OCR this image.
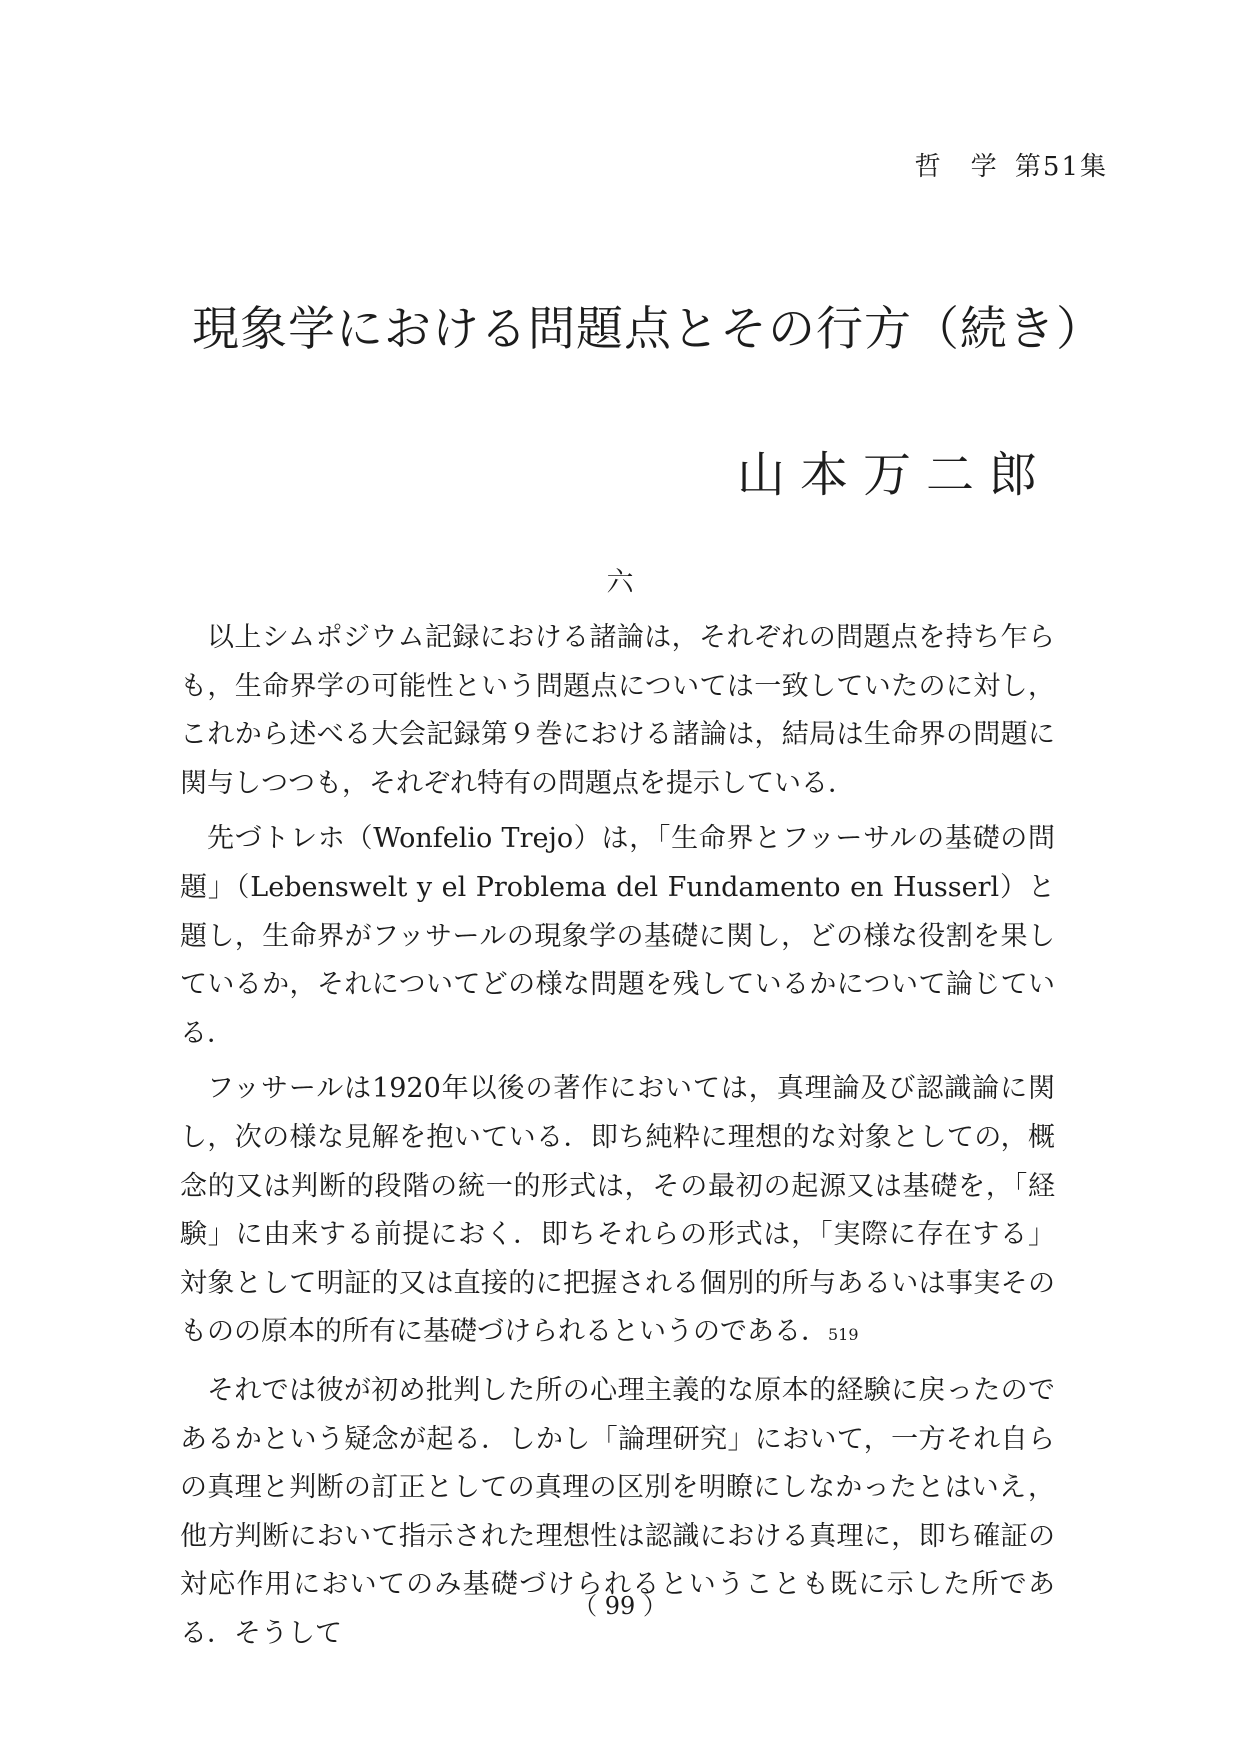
哲　学 第51集
現象学における問題点とその行方（続き）
山本万二郎
六

以上シムポジウム記録における諸論は，それぞれの問題点を持ち乍らも，生命界学の可能性という問題点については一致していたのに対し，これから述べる大会記録第９巻における諸論は，結局は生命界の問題に関与しつつも，それぞれ特有の問題点を提示している．

先づトレホ（Wonfelio Trejo）は，「生命界とフッーサルの基礎の問題」（Lebenswelt y el Problema del Fundamento en Husserl）と題し，生命界がフッサールの現象学の基礎に関し，どの様な役割を果しているか，それについてどの様な問題を残しているかについて論じている．

フッサールは1920年以後の著作においては，真理論及び認識論に関し，次の様な見解を抱いている．即ち純粋に理想的な対象としての，概念的又は判断的段階の統一的形式は，その最初の起源又は基礎を，「経験」に由来する前提におく．即ちそれらの形式は，「実際に存在する」対象として明証的又は直接的に把握される個別的所与あるいは事実そのものの原本的所有に基礎づけられるというのである．519

それでは彼が初め批判した所の心理主義的な原本的経験に戻ったのであるかという疑念が起る．しかし「論理研究」において，一方それ自らの真理と判断の訂正としての真理の区別を明瞭にしなかったとはいえ，他方判断において指示された理想性は認識における真理に，即ち確証の対応作用においてのみ基礎づけられるということも既に示した所である．そうして

（ 99 ）
